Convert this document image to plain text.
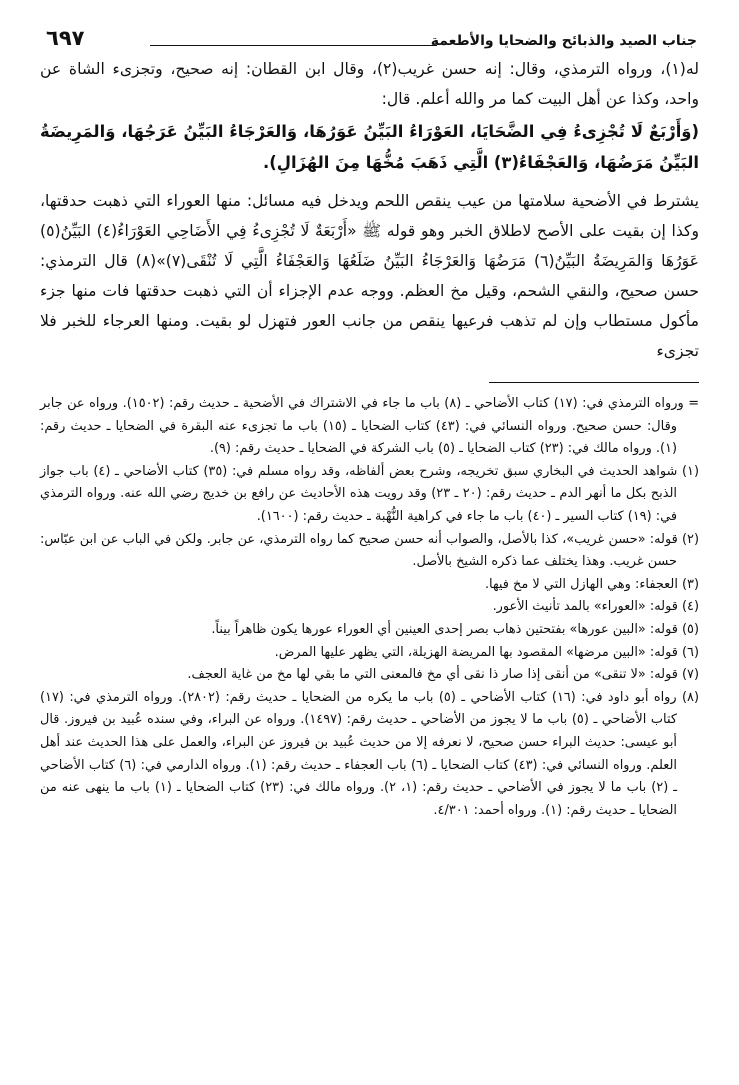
جناب الصيد والذبائح والضحايا والأطعمة
٦٩٧

له(١)، ورواه الترمذي، وقال: إنه حسن غريب(٢)، وقال ابن القطان: إنه صحيح، وتجزىء الشاة عن واحد، وكذا عن أهل البيت كما مر والله أعلم. قال:

(وَأَرْبَعٌ لَا تُجْزِىءُ فِي الضَّحَايَا، العَوْرَاءُ البَيِّنُ عَوَرُهَا، وَالعَرْجَاءُ البَيِّنُ عَرَجُهَا، وَالمَرِيضَةُ البَيِّنُ مَرَضُهَا، وَالعَجْفَاءُ(٣) الَّتِي ذَهَبَ مُخُّهَا مِنَ الهُزَالِ).

يشترط في الأضحية سلامتها من عيب ينقص اللحم ويدخل فيه مسائل: منها العوراء التي ذهبت حدقتها، وكذا إن بقيت على الأصح لاطلاق الخبر وهو قوله ﷺ «أَرْبَعَةٌ لَا تُجْزِىءُ فِي الأَضَاحِي العَوْرَاءُ(٤) البَيِّنُ(٥) عَوَرُهَا وَالمَرِيضَةُ البَيِّنُ(٦) مَرَضُهَا وَالعَرْجَاءُ البَيِّنُ ضَلَعُهَا وَالعَجْفَاءُ الَّتِي لَا تُنْقَى(٧)»(٨) قال الترمذي: حسن صحيح، والنقي الشحم، وقيل مخ العظم. ووجه عدم الإجزاء أن التي ذهبت حدقتها فات منها جزء مأكول مستطاب وإن لم تذهب فرعيها ينقص من جانب العور فتهزل لو بقيت. ومنها العرجاء للخبر فلا تجزىء

= ورواه الترمذي في: (١٧) كتاب الأضاحي ـ (٨) باب ما جاء في الاشتراك في الأضحية ـ حديث رقم: (١٥٠٢). ورواه عن جابر وقال: حسن صحيح. ورواه النسائي في: (٤٣) كتاب الضحايا ـ (١٥) باب ما تجزىء عنه البقرة في الضحايا ـ حديث رقم: (١). ورواه مالك في: (٢٣) كتاب الضحايا ـ (٥) باب الشركة في الضحايا ـ حديث رقم: (٩).

(١) شواهد الحديث في البخاري سبق تخريجه، وشرح بعض ألفاظه، وقد رواه مسلم في: (٣٥) كتاب الأضاحي ـ (٤) باب جواز الذبح بكل ما أنهر الدم ـ حديث رقم: (٢٠ ـ ٢٣) وقد رويت هذه الأحاديث عن رافع بن خديج رضي الله عنه. ورواه الترمذي في: (١٩) كتاب السير ـ (٤٠) باب ما جاء في كراهية النُّهْبة ـ حديث رقم: (١٦٠٠).

(٢) قوله: «حسن غريب»، كذا بالأصل، والصواب أنه حسن صحيح كما رواه الترمذي، عن جابر. ولكن في الباب عن ابن عبّاس: حسن غريب. وهذا يختلف عما ذكره الشيخ بالأصل.

(٣) العجفاء: وهي الهازل التي لا مخ فيها.

(٤) قوله: «العوراء» بالمد تأنيث الأعور.

(٥) قوله: «البين عورها» بفتحتين ذهاب بصر إحدى العينين أي العوراء عورها يكون ظاهراً بيناً.

(٦) قوله: «البين مرضها» المقصود بها المريضة الهزيلة، التي يظهر عليها المرض.

(٧) قوله: «لا تنقى» من أنقى إذا صار ذا نقى أي مخ فالمعنى التي ما بقي لها مخ من غاية العجف.

(٨) رواه أبو داود في: (١٦) كتاب الأضاحي ـ (٥) باب ما يكره من الضحايا ـ حديث رقم: (٢٨٠٢). ورواه الترمذي في: (١٧) كتاب الأضاحي ـ (٥) باب ما لا يجوز من الأضاحي ـ حديث رقم: (١٤٩٧). ورواه عن البراء، وفي سنده عُبيد بن فيروز. قال أبو عيسى: حديث البراء حسن صحيح، لا نعرفه إلا من حديث عُبيد بن فيروز عن البراء، والعمل على هذا الحديث عند أهل العلم. ورواه النسائي في: (٤٣) كتاب الضحايا ـ (٦) باب العجفاء ـ حديث رقم: (١). ورواه الدارمي في: (٦) كتاب الأضاحي ـ (٢) باب ما لا يجوز في الأضاحي ـ حديث رقم: (١، ٢). ورواه مالك في: (٢٣) كتاب الضحايا ـ (١) باب ما ينهى عنه من الضحايا ـ حديث رقم: (١). ورواه أحمد: ٤/٣٠١.
